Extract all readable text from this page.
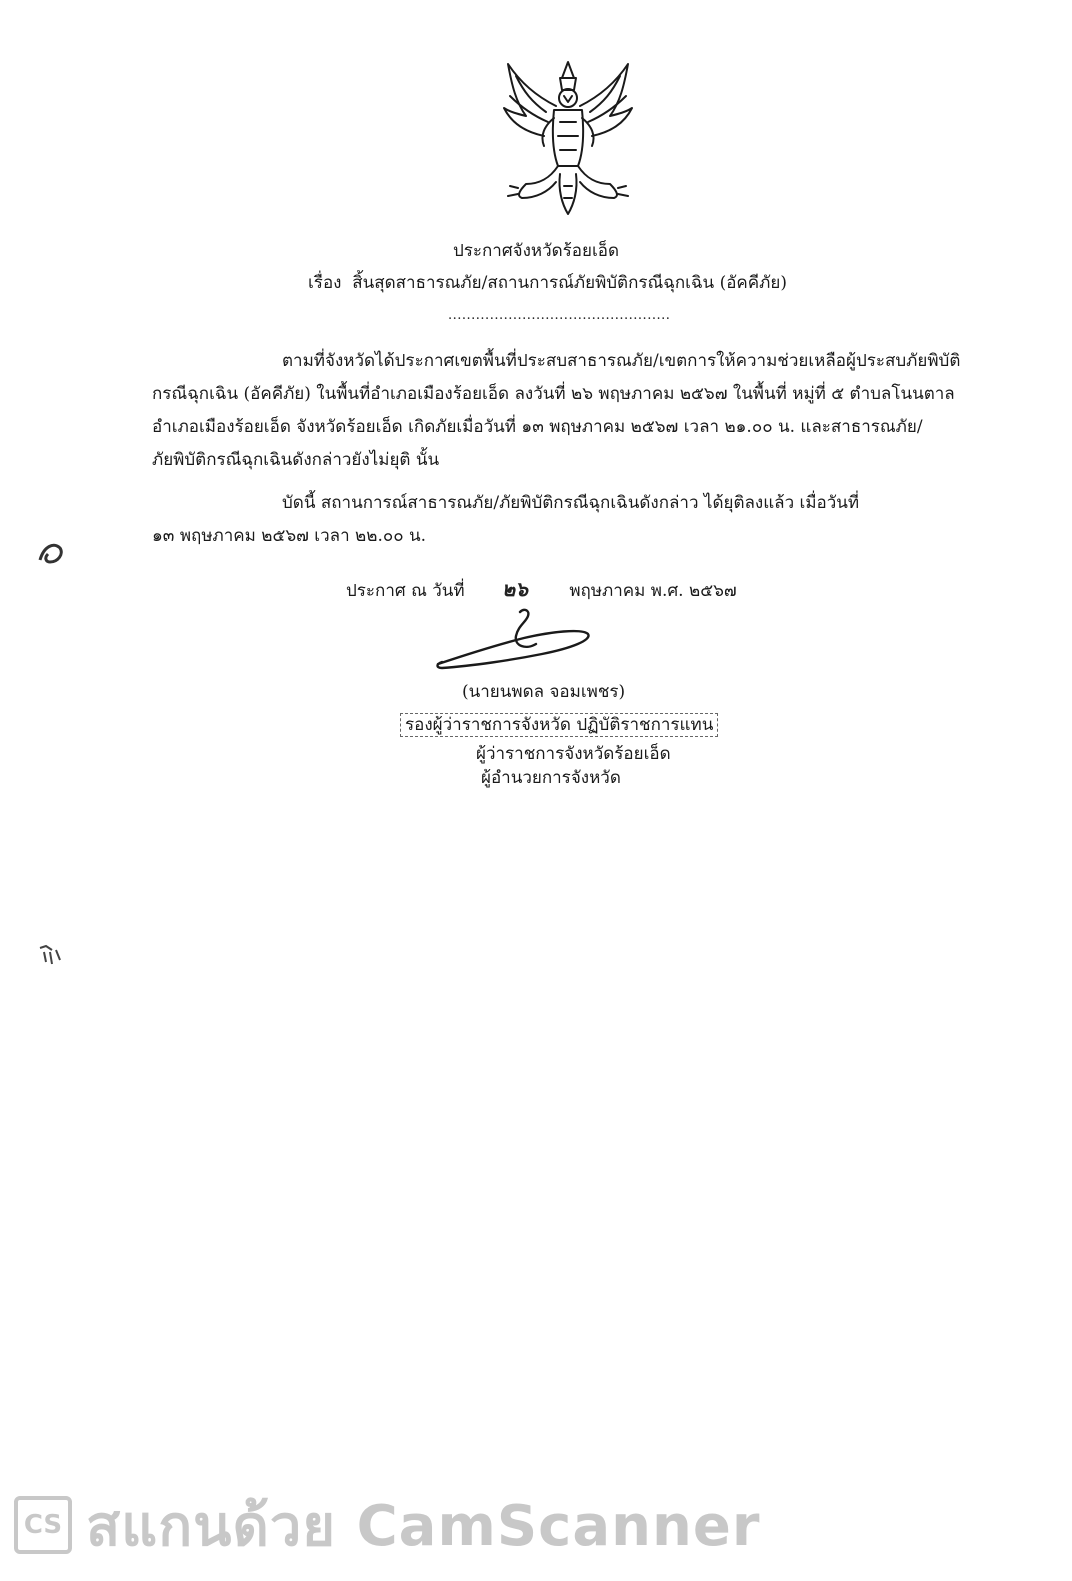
ประกาศจังหวัดร้อยเอ็ด
เรื่อง สิ้นสุดสาธารณภัย/สถานการณ์ภัยพิบัติกรณีฉุกเฉิน (อัคคีภัย)
................................................
ตามที่จังหวัดได้ประกาศเขตพื้นที่ประสบสาธารณภัย/เขตการให้ความช่วยเหลือผู้ประสบภัยพิบัติ
กรณีฉุกเฉิน (อัคคีภัย) ในพื้นที่อำเภอเมืองร้อยเอ็ด ลงวันที่ ๒๖ พฤษภาคม ๒๕๖๗ ในพื้นที่ หมู่ที่ ๕ ตำบลโนนตาล
อำเภอเมืองร้อยเอ็ด จังหวัดร้อยเอ็ด เกิดภัยเมื่อวันที่ ๑๓ พฤษภาคม ๒๕๖๗ เวลา ๒๑.๐๐ น. และสาธารณภัย/
ภัยพิบัติกรณีฉุกเฉินดังกล่าวยังไม่ยุติ นั้น
บัดนี้ สถานการณ์สาธารณภัย/ภัยพิบัติกรณีฉุกเฉินดังกล่าว ได้ยุติลงแล้ว เมื่อวันที่
๑๓ พฤษภาคม ๒๕๖๗ เวลา ๒๒.๐๐ น.
ประกาศ ณ วันที่ ๒๖ พฤษภาคม พ.ศ. ๒๕๖๗
(นายนพดล จอมเพชร)
รองผู้ว่าราชการจังหวัด ปฏิบัติราชการแทน
ผู้ว่าราชการจังหวัดร้อยเอ็ด
ผู้อำนวยการจังหวัด
CS สแกนด้วย CamScanner
